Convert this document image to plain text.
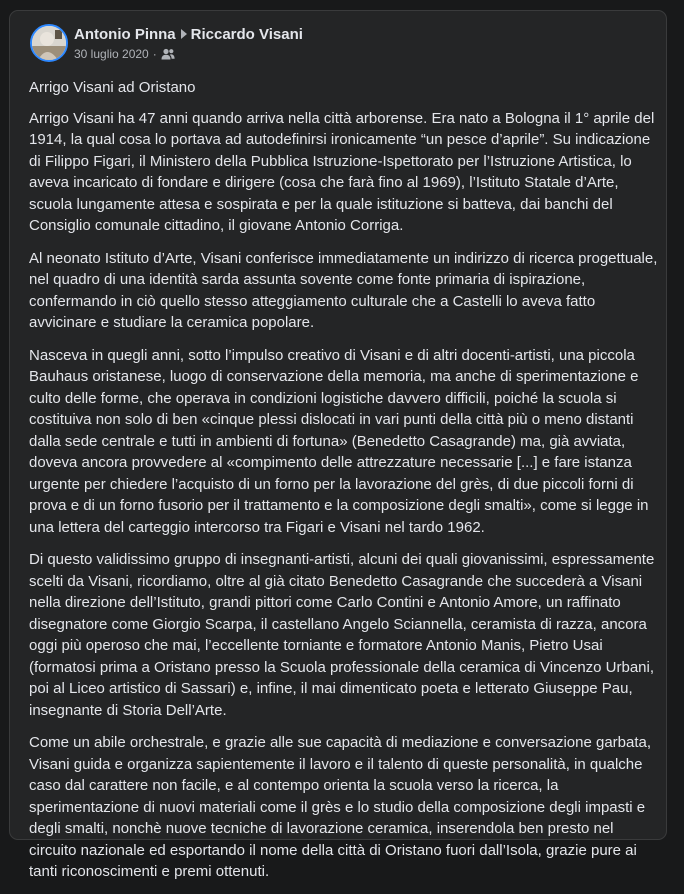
Antonio Pinna Riccardo Visani
30 luglio 2020 ·

Arrigo Visani ad Oristano

Arrigo Visani ha 47 anni quando arriva nella città arborense. Era nato a Bologna il 1° aprile del 1914, la qual cosa lo portava ad autodefinirsi ironicamente “un pesce d’aprile”. Su indicazione di Filippo Figari, il Ministero della Pubblica Istruzione-Ispettorato per l’Istruzione Artistica, lo aveva incaricato di fondare e dirigere (cosa che farà fino al 1969), l’Istituto Statale d’Arte, scuola lungamente attesa e sospirata e per la quale istituzione si batteva, dai banchi del Consiglio comunale cittadino, il giovane Antonio Corriga.

Al neonato Istituto d’Arte, Visani conferisce immediatamente un indirizzo di ricerca progettuale, nel quadro di una identità sarda assunta sovente come fonte primaria di ispirazione, confermando in ciò quello stesso atteggiamento culturale che a Castelli lo aveva fatto avvicinare e studiare la ceramica popolare.

Nasceva in quegli anni, sotto l’impulso creativo di Visani e di altri docenti-artisti, una piccola Bauhaus oristanese, luogo di conservazione della memoria, ma anche di sperimentazione e culto delle forme, che operava in condizioni logistiche davvero difficili, poiché la scuola si costituiva non solo di ben «cinque plessi dislocati in vari punti della città più o meno distanti dalla sede centrale e tutti in ambienti di fortuna» (Benedetto Casagrande) ma, già avviata, doveva ancora provvedere al «compimento delle attrezzature necessarie [...] e fare istanza urgente per chiedere l’acquisto di un forno per la lavorazione del grès, di due piccoli forni di prova e di un forno fusorio per il trattamento e la composizione degli smalti», come si legge in una lettera del carteggio intercorso tra Figari e Visani nel tardo 1962.

Di questo validissimo gruppo di insegnanti-artisti, alcuni dei quali giovanissimi, espressamente scelti da Visani, ricordiamo, oltre al già citato Benedetto Casagrande che succederà a Visani nella direzione dell’Istituto, grandi pittori come Carlo Contini e Antonio Amore, un raffinato disegnatore come Giorgio Scarpa, il castellano Angelo Sciannella, ceramista di razza, ancora oggi più operoso che mai, l’eccellente torniante e formatore Antonio Manis, Pietro Usai (formatosi prima a Oristano presso la Scuola professionale della ceramica di Vincenzo Urbani, poi al Liceo artistico di Sassari) e, infine, il mai dimenticato poeta e letterato Giuseppe Pau, insegnante di Storia Dell’Arte.

Come un abile orchestrale, e grazie alle sue capacità di mediazione e conversazione garbata, Visani guida e organizza sapientemente il lavoro e il talento di queste personalità, in qualche caso dal carattere non facile, e al contempo orienta la scuola verso la ricerca, la sperimentazione di nuovi materiali come il grès e lo studio della composizione degli impasti e degli smalti, nonchè nuove tecniche di lavorazione ceramica, inserendola ben presto nel circuito nazionale ed esportando il nome della città di Oristano fuori dall’Isola, grazie pure ai tanti riconoscimenti e premi ottenuti.
